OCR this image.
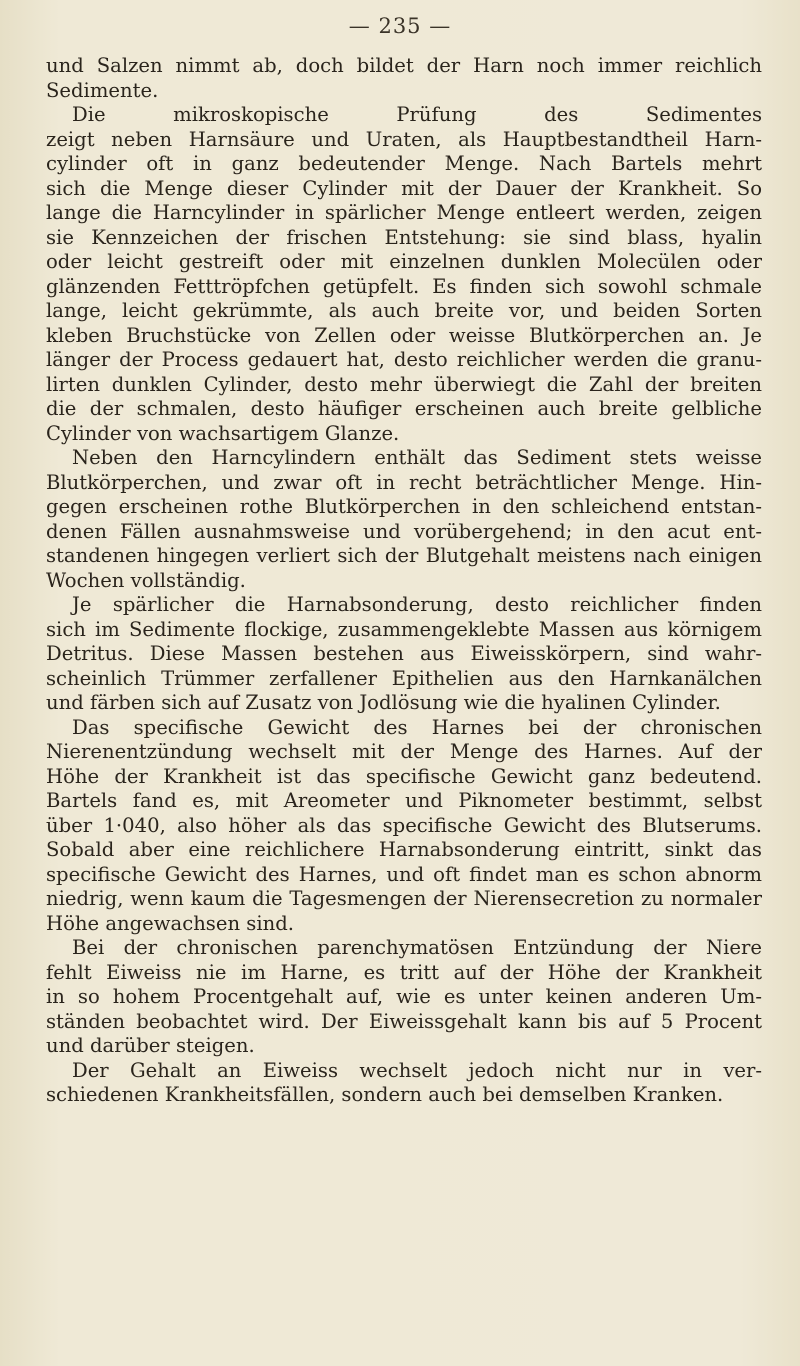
— 235 —
und Salzen nimmt ab, doch bildet der Harn noch immer reichlich
Sedimente.
Die mikroskopische Prüfung des Sedimentes
zeigt neben Harnsäure und Uraten, als Hauptbestandtheil Harn-
cylinder oft in ganz bedeutender Menge. Nach Bartels mehrt
sich die Menge dieser Cylinder mit der Dauer der Krankheit. So
lange die Harncylinder in spärlicher Menge entleert werden, zeigen
sie Kennzeichen der frischen Entstehung: sie sind blass, hyalin
oder leicht gestreift oder mit einzelnen dunklen Molecülen oder
glänzenden Fetttröpfchen getüpfelt. Es finden sich sowohl schmale
lange, leicht gekrümmte, als auch breite vor, und beiden Sorten
kleben Bruchstücke von Zellen oder weisse Blutkörperchen an. Je
länger der Process gedauert hat, desto reichlicher werden die granu-
lirten dunklen Cylinder, desto mehr überwiegt die Zahl der breiten
die der schmalen, desto häufiger erscheinen auch breite gelbliche
Cylinder von wachsartigem Glanze.
Neben den Harncylindern enthält das Sediment stets weisse
Blutkörperchen, und zwar oft in recht beträchtlicher Menge. Hin-
gegen erscheinen rothe Blutkörperchen in den schleichend entstan-
denen Fällen ausnahmsweise und vorübergehend; in den acut ent-
standenen hingegen verliert sich der Blutgehalt meistens nach einigen
Wochen vollständig.
Je spärlicher die Harnabsonderung, desto reichlicher finden
sich im Sedimente flockige, zusammengeklebte Massen aus körnigem
Detritus. Diese Massen bestehen aus Eiweisskörpern, sind wahr-
scheinlich Trümmer zerfallener Epithelien aus den Harnkanälchen
und färben sich auf Zusatz von Jodlösung wie die hyalinen Cylinder.
Das specifische Gewicht des Harnes bei der chronischen
Nierenentzündung wechselt mit der Menge des Harnes. Auf der
Höhe der Krankheit ist das specifische Gewicht ganz bedeutend.
Bartels fand es, mit Areometer und Piknometer bestimmt, selbst
über 1·040, also höher als das specifische Gewicht des Blutserums.
Sobald aber eine reichlichere Harnabsonderung eintritt, sinkt das
specifische Gewicht des Harnes, und oft findet man es schon abnorm
niedrig, wenn kaum die Tagesmengen der Nierensecretion zu normaler
Höhe angewachsen sind.
Bei der chronischen parenchymatösen Entzündung der Niere
fehlt Eiweiss nie im Harne, es tritt auf der Höhe der Krankheit
in so hohem Procentgehalt auf, wie es unter keinen anderen Um-
ständen beobachtet wird. Der Eiweissgehalt kann bis auf 5 Procent
und darüber steigen.
Der Gehalt an Eiweiss wechselt jedoch nicht nur in ver-
schiedenen Krankheitsfällen, sondern auch bei demselben Kranken.
